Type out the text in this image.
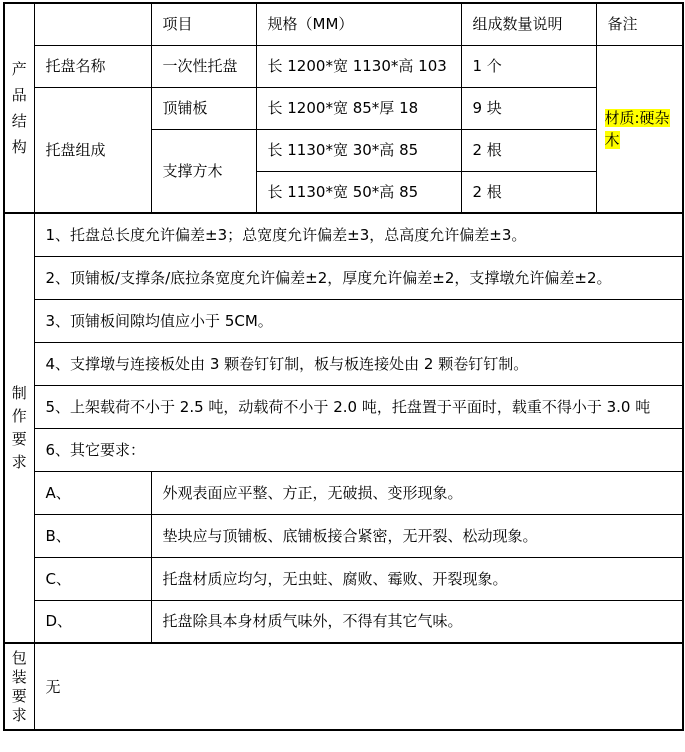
产品结构		项目	规格（MM）	组成数量说明	备注
	托盘名称	一次性托盘	长 1200*宽 1130*高 103	1 个	材质:硬杂木
	托盘组成	顶铺板	长 1200*宽 85*厚 18	9 块	
		支撑方木	长 1130*宽 30*高 85	2 根	
			长 1130*宽 50*高 85	2 根	
制作要求	1、托盘总长度允许偏差±3；总宽度允许偏差±3，总高度允许偏差±3。				
	2、顶铺板/支撑条/底拉条宽度允许偏差±2，厚度允许偏差±2，支撑墩允许偏差±2。				
	3、顶铺板间隙均值应小于 5CM。				
	4、支撑墩与连接板处由 3 颗卷钉钉制，板与板连接处由 2 颗卷钉钉制。				
	5、上架载荷不小于 2.5 吨，动载荷不小于 2.0 吨，托盘置于平面时，载重不得小于 3.0 吨				
	6、其它要求：				
	A、	外观表面应平整、方正，无破损、变形现象。			
	B、	垫块应与顶铺板、底铺板接合紧密，无开裂、松动现象。			
	C、	托盘材质应均匀，无虫蛀、腐败、霉败、开裂现象。			
	D、	托盘除具本身材质气味外，不得有其它气味。			
包装要求	无				
